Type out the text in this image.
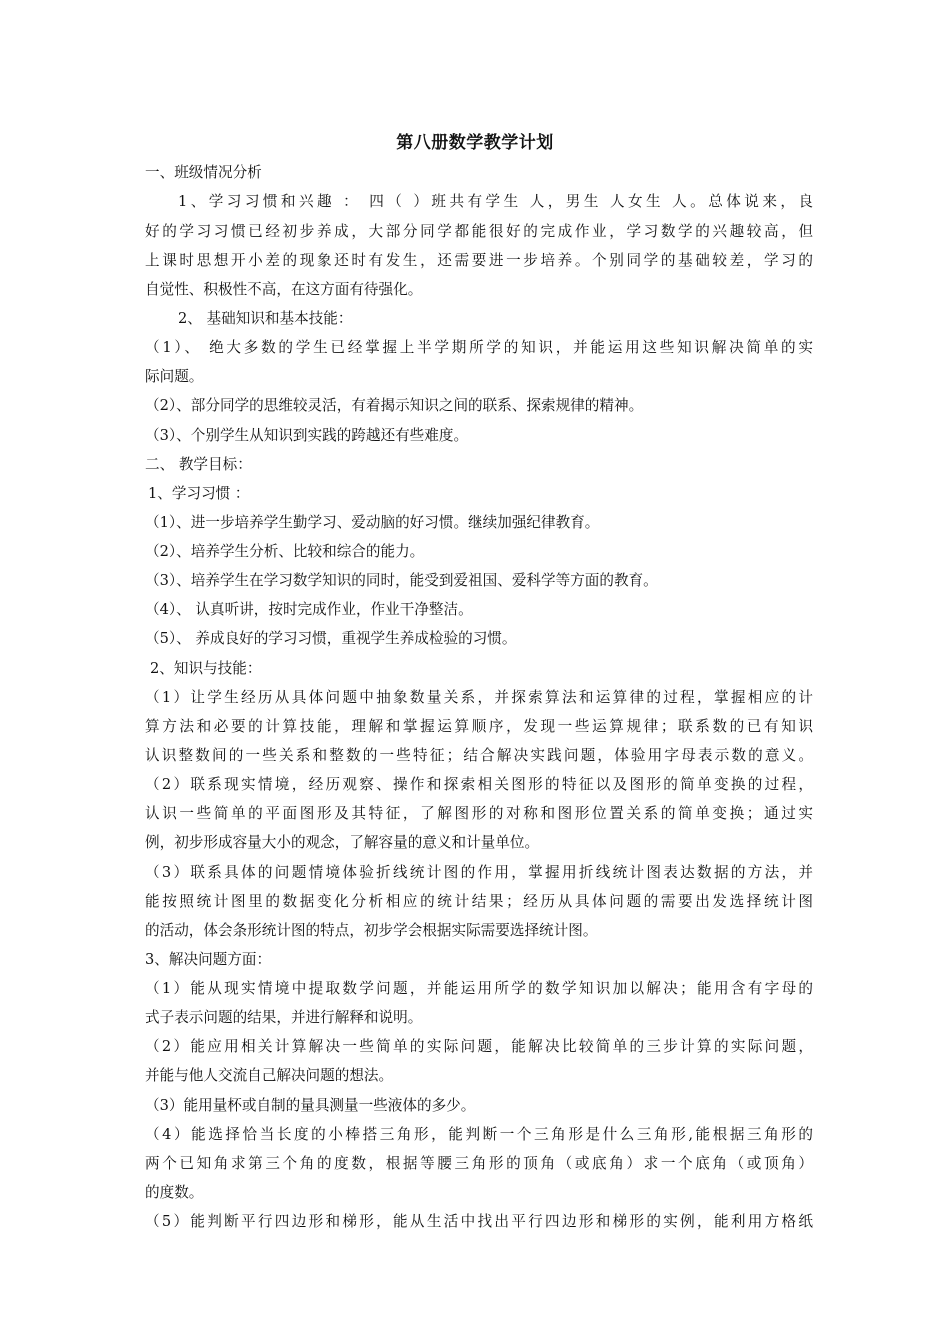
第八册数学教学计划
一、班级情况分析
1、学习习惯和兴趣 ： 四（ ）班共有学生 人，男生 人女生 人。总体说来，良
好的学习习惯已经初步养成，大部分同学都能很好的完成作业，学习数学的兴趣较高，但
上课时思想开小差的现象还时有发生，还需要进一步培养。个别同学的基础较差，学习的
自觉性、积极性不高，在这方面有待强化。
2、 基础知识和基本技能：
（1）、 绝大多数的学生已经掌握上半学期所学的知识，并能运用这些知识解决简单的实
际问题。
（2）、部分同学的思维较灵活，有着揭示知识之间的联系、探索规律的精神。
（3）、个别学生从知识到实践的跨越还有些难度。
二、 教学目标：
1、学习习惯 ：
（1）、进一步培养学生勤学习、爱动脑的好习惯。继续加强纪律教育。
（2）、培养学生分析、比较和综合的能力。
（3）、培养学生在学习数学知识的同时，能受到爱祖国、爱科学等方面的教育。
（4）、 认真听讲，按时完成作业，作业干净整洁。
（5）、 养成良好的学习习惯，重视学生养成检验的习惯。
2、知识与技能：
（1）让学生经历从具体问题中抽象数量关系，并探索算法和运算律的过程，掌握相应的计
算方法和必要的计算技能，理解和掌握运算顺序，发现一些运算规律；联系数的已有知识
认识整数间的一些关系和整数的一些特征；结合解决实践问题，体验用字母表示数的意义。
（2）联系现实情境，经历观察、操作和探索相关图形的特征以及图形的简单变换的过程，
认识一些简单的平面图形及其特征，了解图形的对称和图形位置关系的简单变换；通过实
例，初步形成容量大小的观念，了解容量的意义和计量单位。
（3）联系具体的问题情境体验折线统计图的作用，掌握用折线统计图表达数据的方法，并
能按照统计图里的数据变化分析相应的统计结果；经历从具体问题的需要出发选择统计图
的活动，体会条形统计图的特点，初步学会根据实际需要选择统计图。
3、解决问题方面：
（1）能从现实情境中提取数学问题，并能运用所学的数学知识加以解决；能用含有字母的
式子表示问题的结果，并进行解释和说明。
（2）能应用相关计算解决一些简单的实际问题，能解决比较简单的三步计算的实际问题，
并能与他人交流自己解决问题的想法。
（3）能用量杯或自制的量具测量一些液体的多少。
（4）能选择恰当长度的小棒搭三角形，能判断一个三角形是什么三角形,能根据三角形的
两个已知角求第三个角的度数，根据等腰三角形的顶角（或底角）求一个底角（或顶角）
的度数。
（5）能判断平行四边形和梯形，能从生活中找出平行四边形和梯形的实例，能利用方格纸
